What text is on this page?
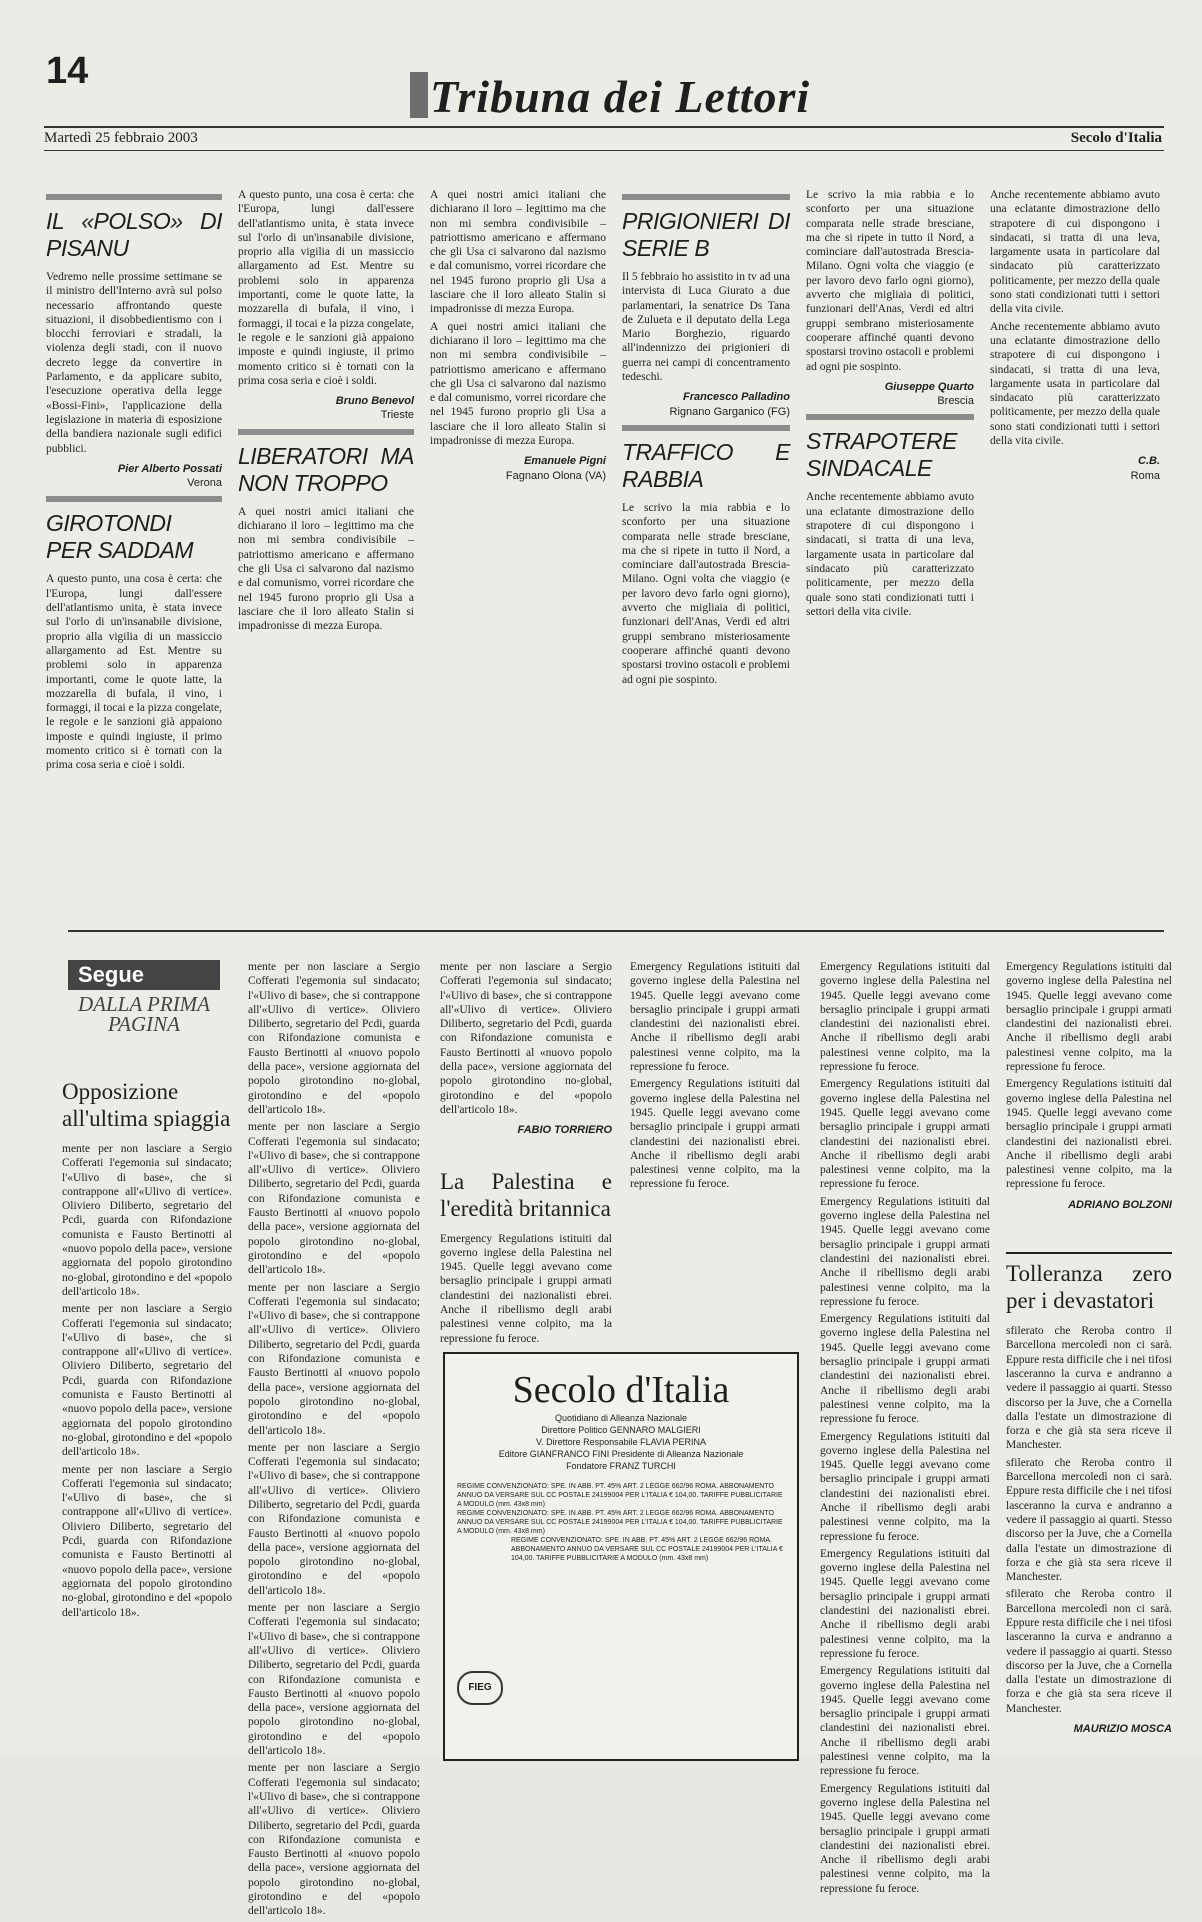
14	Tribuna dei Lettori
Martedì 25 febbraio 2003	Secolo d'Italia
IL «POLSO» DI PISANU

Vedremo nelle prossime settimane se il ministro dell'Interno avrà sul polso necessario affrontando queste situazioni, il disobbedientismo con i blocchi ferroviari e stradali, la violenza degli stadi, con il nuovo decreto legge da convertire in Parlamento, e da applicare subito, l'esecuzione operativa della legge «Bossi-Fini», l'applicazione della legislazione in materia di esposizione della bandiera nazionale sugli edifici pubblici.

Pier Alberto Possati
Verona
GIROTONDI PER SADDAM

A questo punto, una cosa è certa: che l'Europa, lungi dall'essere dell'atlantismo unita, è stata invece sul l'orlo di un'insanabile divisione, proprio alla vigilia di un massiccio allargamento ad Est. Mentre su problemi solo in apparenza importanti, come le quote latte, la mozzarella di bufala, il vino, i formaggi, il tocai e la pizza congelate, le regole e le sanzioni già appaiono imposte e quindi ingiuste, il primo momento critico si è tornati con la prima cosa seria e cioè i soldi.

A questo punto, una cosa è certa: che l'Europa, lungi dall'essere dell'atlantismo unita, è stata invece sul l'orlo di un'insanabile divisione, proprio alla vigilia di un massiccio allargamento ad Est. Mentre su problemi solo in apparenza importanti, come le quote latte, la mozzarella di bufala, il vino, i formaggi, il tocai e la pizza congelate, le regole e le sanzioni già appaiono imposte e quindi ingiuste, il primo momento critico si è tornati con la prima cosa seria e cioè i soldi.

Bruno Benevol
Trieste
LIBERATORI MA NON TROPPO

A quei nostri amici italiani che dichiarano il loro – legittimo ma che non mi sembra condivisibile – patriottismo americano e affermano che gli Usa ci salvarono dal nazismo e dal comunismo, vorrei ricordare che nel 1945 furono proprio gli Usa a lasciare che il loro alleato Stalin si impadronisse di mezza Europa.

A quei nostri amici italiani che dichiarano il loro – legittimo ma che non mi sembra condivisibile – patriottismo americano e affermano che gli Usa ci salvarono dal nazismo e dal comunismo, vorrei ricordare che nel 1945 furono proprio gli Usa a lasciare che il loro alleato Stalin si impadronisse di mezza Europa.

A quei nostri amici italiani che dichiarano il loro – legittimo ma che non mi sembra condivisibile – patriottismo americano e affermano che gli Usa ci salvarono dal nazismo e dal comunismo, vorrei ricordare che nel 1945 furono proprio gli Usa a lasciare che il loro alleato Stalin si impadronisse di mezza Europa.

Emanuele Pigni
Fagnano Olona (VA)
PRIGIONIERI DI SERIE B

Il 5 febbraio ho assistito in tv ad una intervista di Luca Giurato a due parlamentari, la senatrice Ds Tana de Zulueta e il deputato della Lega Mario Borghezio, riguardo all'indennizzo dei prigionieri di guerra nei campi di concentramento tedeschi.

Francesco Palladino
Rignano Garganico (FG)
TRAFFICO E RABBIA

Le scrivo la mia rabbia e lo sconforto per una situazione comparata nelle strade bresciane, ma che si ripete in tutto il Nord, a cominciare dall'autostrada Brescia-Milano. Ogni volta che viaggio (e per lavoro devo farlo ogni giorno), avverto che migliaia di politici, funzionari dell'Anas, Verdi ed altri gruppi sembrano misteriosamente cooperare affinché quanti devono spostarsi trovino ostacoli e problemi ad ogni pie sospinto.

Le scrivo la mia rabbia e lo sconforto per una situazione comparata nelle strade bresciane, ma che si ripete in tutto il Nord, a cominciare dall'autostrada Brescia-Milano. Ogni volta che viaggio (e per lavoro devo farlo ogni giorno), avverto che migliaia di politici, funzionari dell'Anas, Verdi ed altri gruppi sembrano misteriosamente cooperare affinché quanti devono spostarsi trovino ostacoli e problemi ad ogni pie sospinto.

Giuseppe Quarto
Brescia
STRAPOTERE SINDACALE

Anche recentemente abbiamo avuto una eclatante dimostrazione dello strapotere di cui dispongono i sindacati, si tratta di una leva, largamente usata in particolare dal sindacato più caratterizzato politicamente, per mezzo della quale sono stati condizionati tutti i settori della vita civile.

Anche recentemente abbiamo avuto una eclatante dimostrazione dello strapotere di cui dispongono i sindacati, si tratta di una leva, largamente usata in particolare dal sindacato più caratterizzato politicamente, per mezzo della quale sono stati condizionati tutti i settori della vita civile.

Anche recentemente abbiamo avuto una eclatante dimostrazione dello strapotere di cui dispongono i sindacati, si tratta di una leva, largamente usata in particolare dal sindacato più caratterizzato politicamente, per mezzo della quale sono stati condizionati tutti i settori della vita civile.

C.B.
Roma
Segue
DALLA PRIMA PAGINA
Opposizione all'ultima spiaggia

mente per non lasciare a Sergio Cofferati l'egemonia sul sindacato; l'«Ulivo di base», che si contrappone all'«Ulivo di vertice». Oliviero Diliberto, segretario del Pcdi, guarda con Rifondazione comunista e Fausto Bertinotti al «nuovo popolo della pace», versione aggiornata del popolo girotondino no-global, girotondino e del «popolo dell'articolo 18».

mente per non lasciare a Sergio Cofferati l'egemonia sul sindacato; l'«Ulivo di base», che si contrappone all'«Ulivo di vertice». Oliviero Diliberto, segretario del Pcdi, guarda con Rifondazione comunista e Fausto Bertinotti al «nuovo popolo della pace», versione aggiornata del popolo girotondino no-global, girotondino e del «popolo dell'articolo 18».

mente per non lasciare a Sergio Cofferati l'egemonia sul sindacato; l'«Ulivo di base», che si contrappone all'«Ulivo di vertice». Oliviero Diliberto, segretario del Pcdi, guarda con Rifondazione comunista e Fausto Bertinotti al «nuovo popolo della pace», versione aggiornata del popolo girotondino no-global, girotondino e del «popolo dell'articolo 18».

mente per non lasciare a Sergio Cofferati l'egemonia sul sindacato; l'«Ulivo di base», che si contrappone all'«Ulivo di vertice». Oliviero Diliberto, segretario del Pcdi, guarda con Rifondazione comunista e Fausto Bertinotti al «nuovo popolo della pace», versione aggiornata del popolo girotondino no-global, girotondino e del «popolo dell'articolo 18».

mente per non lasciare a Sergio Cofferati l'egemonia sul sindacato; l'«Ulivo di base», che si contrappone all'«Ulivo di vertice». Oliviero Diliberto, segretario del Pcdi, guarda con Rifondazione comunista e Fausto Bertinotti al «nuovo popolo della pace», versione aggiornata del popolo girotondino no-global, girotondino e del «popolo dell'articolo 18».

mente per non lasciare a Sergio Cofferati l'egemonia sul sindacato; l'«Ulivo di base», che si contrappone all'«Ulivo di vertice». Oliviero Diliberto, segretario del Pcdi, guarda con Rifondazione comunista e Fausto Bertinotti al «nuovo popolo della pace», versione aggiornata del popolo girotondino no-global, girotondino e del «popolo dell'articolo 18».

mente per non lasciare a Sergio Cofferati l'egemonia sul sindacato; l'«Ulivo di base», che si contrappone all'«Ulivo di vertice». Oliviero Diliberto, segretario del Pcdi, guarda con Rifondazione comunista e Fausto Bertinotti al «nuovo popolo della pace», versione aggiornata del popolo girotondino no-global, girotondino e del «popolo dell'articolo 18».

mente per non lasciare a Sergio Cofferati l'egemonia sul sindacato; l'«Ulivo di base», che si contrappone all'«Ulivo di vertice». Oliviero Diliberto, segretario del Pcdi, guarda con Rifondazione comunista e Fausto Bertinotti al «nuovo popolo della pace», versione aggiornata del popolo girotondino no-global, girotondino e del «popolo dell'articolo 18».

mente per non lasciare a Sergio Cofferati l'egemonia sul sindacato; l'«Ulivo di base», che si contrappone all'«Ulivo di vertice». Oliviero Diliberto, segretario del Pcdi, guarda con Rifondazione comunista e Fausto Bertinotti al «nuovo popolo della pace», versione aggiornata del popolo girotondino no-global, girotondino e del «popolo dell'articolo 18».

mente per non lasciare a Sergio Cofferati l'egemonia sul sindacato; l'«Ulivo di base», che si contrappone all'«Ulivo di vertice». Oliviero Diliberto, segretario del Pcdi, guarda con Rifondazione comunista e Fausto Bertinotti al «nuovo popolo della pace», versione aggiornata del popolo girotondino no-global, girotondino e del «popolo dell'articolo 18».

FABIO TORRIERO
La Palestina e l'eredità britannica

Emergency Regulations istituiti dal governo inglese della Palestina nel 1945. Quelle leggi avevano come bersaglio principale i gruppi armati clandestini dei nazionalisti ebrei. Anche il ribellismo degli arabi palestinesi venne colpito, ma la repressione fu feroce.

Emergency Regulations istituiti dal governo inglese della Palestina nel 1945. Quelle leggi avevano come bersaglio principale i gruppi armati clandestini dei nazionalisti ebrei. Anche il ribellismo degli arabi palestinesi venne colpito, ma la repressione fu feroce.

Emergency Regulations istituiti dal governo inglese della Palestina nel 1945. Quelle leggi avevano come bersaglio principale i gruppi armati clandestini dei nazionalisti ebrei. Anche il ribellismo degli arabi palestinesi venne colpito, ma la repressione fu feroce.

Emergency Regulations istituiti dal governo inglese della Palestina nel 1945. Quelle leggi avevano come bersaglio principale i gruppi armati clandestini dei nazionalisti ebrei. Anche il ribellismo degli arabi palestinesi venne colpito, ma la repressione fu feroce.

Emergency Regulations istituiti dal governo inglese della Palestina nel 1945. Quelle leggi avevano come bersaglio principale i gruppi armati clandestini dei nazionalisti ebrei. Anche il ribellismo degli arabi palestinesi venne colpito, ma la repressione fu feroce.

Emergency Regulations istituiti dal governo inglese della Palestina nel 1945. Quelle leggi avevano come bersaglio principale i gruppi armati clandestini dei nazionalisti ebrei. Anche il ribellismo degli arabi palestinesi venne colpito, ma la repressione fu feroce.

Emergency Regulations istituiti dal governo inglese della Palestina nel 1945. Quelle leggi avevano come bersaglio principale i gruppi armati clandestini dei nazionalisti ebrei. Anche il ribellismo degli arabi palestinesi venne colpito, ma la repressione fu feroce.

Emergency Regulations istituiti dal governo inglese della Palestina nel 1945. Quelle leggi avevano come bersaglio principale i gruppi armati clandestini dei nazionalisti ebrei. Anche il ribellismo degli arabi palestinesi venne colpito, ma la repressione fu feroce.

Emergency Regulations istituiti dal governo inglese della Palestina nel 1945. Quelle leggi avevano come bersaglio principale i gruppi armati clandestini dei nazionalisti ebrei. Anche il ribellismo degli arabi palestinesi venne colpito, ma la repressione fu feroce.

Emergency Regulations istituiti dal governo inglese della Palestina nel 1945. Quelle leggi avevano come bersaglio principale i gruppi armati clandestini dei nazionalisti ebrei. Anche il ribellismo degli arabi palestinesi venne colpito, ma la repressione fu feroce.

Emergency Regulations istituiti dal governo inglese della Palestina nel 1945. Quelle leggi avevano come bersaglio principale i gruppi armati clandestini dei nazionalisti ebrei. Anche il ribellismo degli arabi palestinesi venne colpito, ma la repressione fu feroce.

Emergency Regulations istituiti dal governo inglese della Palestina nel 1945. Quelle leggi avevano come bersaglio principale i gruppi armati clandestini dei nazionalisti ebrei. Anche il ribellismo degli arabi palestinesi venne colpito, ma la repressione fu feroce.

Emergency Regulations istituiti dal governo inglese della Palestina nel 1945. Quelle leggi avevano come bersaglio principale i gruppi armati clandestini dei nazionalisti ebrei. Anche il ribellismo degli arabi palestinesi venne colpito, ma la repressione fu feroce.

ADRIANO BOLZONI
Tolleranza zero per i devastatori

sfilerato che Reroba contro il Barcellona mercoledì non ci sarà. Eppure resta difficile che i nei tifosi lasceranno la curva e andranno a vedere il passaggio ai quarti. Stesso discorso per la Juve, che a Cornella dalla l'estate un dimostrazione di forza e che già sta sera riceve il Manchester.

sfilerato che Reroba contro il Barcellona mercoledì non ci sarà. Eppure resta difficile che i nei tifosi lasceranno la curva e andranno a vedere il passaggio ai quarti. Stesso discorso per la Juve, che a Cornella dalla l'estate un dimostrazione di forza e che già sta sera riceve il Manchester.

sfilerato che Reroba contro il Barcellona mercoledì non ci sarà. Eppure resta difficile che i nei tifosi lasceranno la curva e andranno a vedere il passaggio ai quarti. Stesso discorso per la Juve, che a Cornella dalla l'estate un dimostrazione di forza e che già sta sera riceve il Manchester.

MAURIZIO MOSCA
Secolo d'Italia
Quotidiano di Alleanza Nazionale
Direttore Politico GENNARO MALGIERI
V. Direttore Responsabile FLAVIA PERINA
Editore GIANFRANCO FINI Presidente di Alleanza Nazionale
Fondatore FRANZ TURCHI
REGIME CONVENZIONATO: SPE. IN ABB. PT. 45% ART. 2 LEGGE 662/96 ROMA. ABBONAMENTO ANNUO DA VERSARE SUL CC POSTALE 24199004 PER L'ITALIA € 104,00. TARIFFE PUBBLICITARIE A MODULO (mm. 43x8 mm)
REGIME CONVENZIONATO: SPE. IN ABB. PT. 45% ART. 2 LEGGE 662/96 ROMA. ABBONAMENTO ANNUO DA VERSARE SUL CC POSTALE 24199004 PER L'ITALIA € 104,00. TARIFFE PUBBLICITARIE A MODULO (mm. 43x8 mm)
REGIME CONVENZIONATO: SPE. IN ABB. PT. 45% ART. 2 LEGGE 662/96 ROMA. ABBONAMENTO ANNUO DA VERSARE SUL CC POSTALE 24199004 PER L'ITALIA € 104,00. TARIFFE PUBBLICITARIE A MODULO (mm. 43x8 mm)
FIEG
